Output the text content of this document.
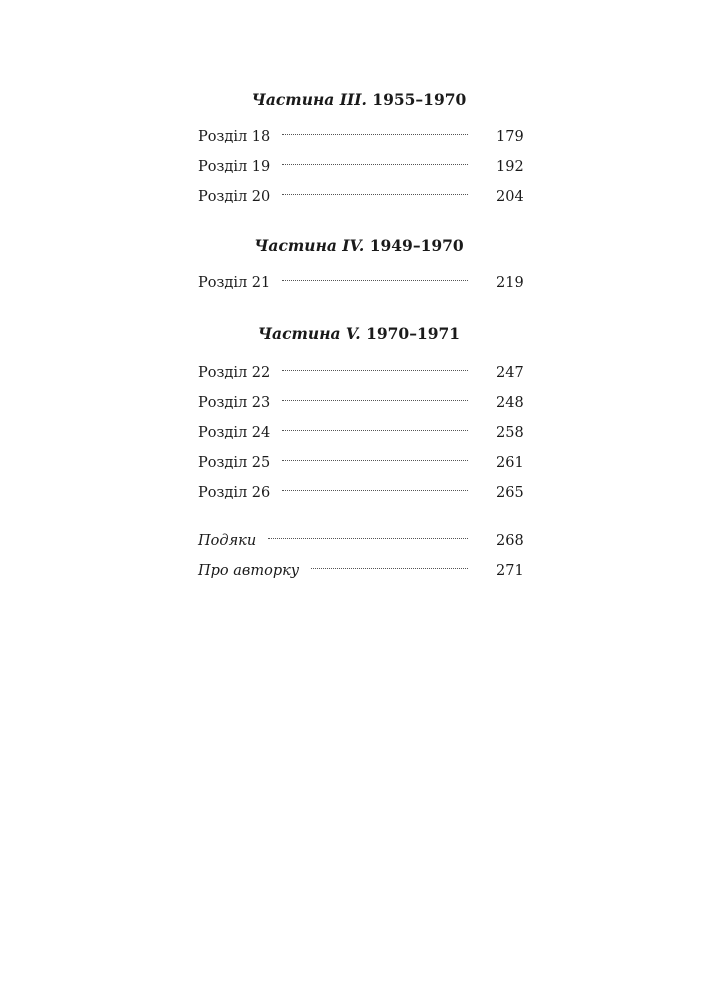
Частина III. 1955–1970
Розділ 18	179
Розділ 19	192
Розділ 20	204
Частина IV. 1949–1970
Розділ 21	219
Частина V. 1970–1971
Розділ 22	247
Розділ 23	248
Розділ 24	258
Розділ 25	261
Розділ 26	265
Подяки	268
Про авторку	271
